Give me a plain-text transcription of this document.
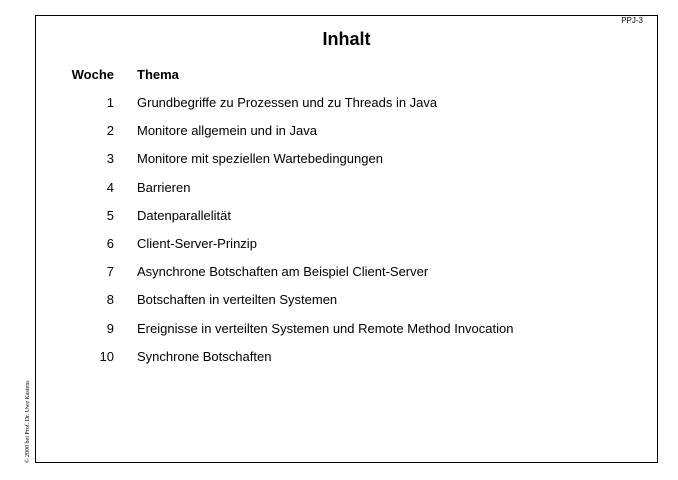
PPJ-3
Inhalt
Woche Thema
1 Grundbegriffe zu Prozessen und zu Threads in Java
2 Monitore allgemein und in Java
3 Monitore mit speziellen Wartebedingungen
4 Barrieren
5 Datenparallelität
6 Client-Server-Prinzip
7 Asynchrone Botschaften am Beispiel Client-Server
8 Botschaften in verteilten Systemen
9 Ereignisse in verteilten Systemen und Remote Method Invocation
10 Synchrone Botschaften
© 2000 bei Prof. Dr. Uwe Kastens
